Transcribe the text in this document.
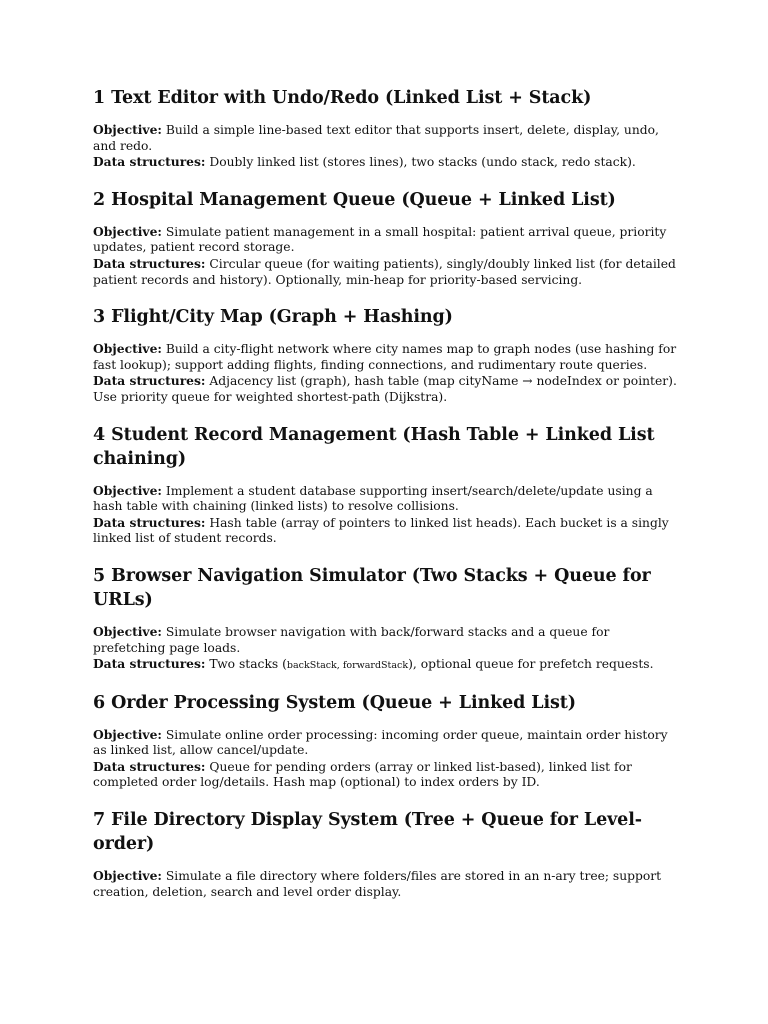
1 Text Editor with Undo/Redo (Linked List + Stack)

Objective: Build a simple line-based text editor that supports insert, delete, display, undo, and redo.

Data structures: Doubly linked list (stores lines), two stacks (undo stack, redo stack).

2 Hospital Management Queue (Queue + Linked List)

Objective: Simulate patient management in a small hospital: patient arrival queue, priority updates, patient record storage.

Data structures: Circular queue (for waiting patients), singly/doubly linked list (for detailed patient records and history). Optionally, min-heap for priority-based servicing.

3 Flight/City Map (Graph + Hashing)

Objective: Build a city-flight network where city names map to graph nodes (use hashing for fast lookup); support adding flights, finding connections, and rudimentary route queries.

Data structures: Adjacency list (graph), hash table (map cityName → nodeIndex or pointer). Use priority queue for weighted shortest-path (Dijkstra).

4 Student Record Management (Hash Table + Linked List chaining)

Objective: Implement a student database supporting insert/search/delete/update using a hash table with chaining (linked lists) to resolve collisions.

Data structures: Hash table (array of pointers to linked list heads). Each bucket is a singly linked list of student records.

5 Browser Navigation Simulator (Two Stacks + Queue for URLs)

Objective: Simulate browser navigation with back/forward stacks and a queue for prefetching page loads.

Data structures: Two stacks (backStack, forwardStack), optional queue for prefetch requests.

6 Order Processing System (Queue + Linked List)

Objective: Simulate online order processing: incoming order queue, maintain order history as linked list, allow cancel/update.

Data structures: Queue for pending orders (array or linked list-based), linked list for completed order log/details. Hash map (optional) to index orders by ID.

7 File Directory Display System (Tree + Queue for Level-order)

Objective: Simulate a file directory where folders/files are stored in an n-ary tree; support creation, deletion, search and level order display.
